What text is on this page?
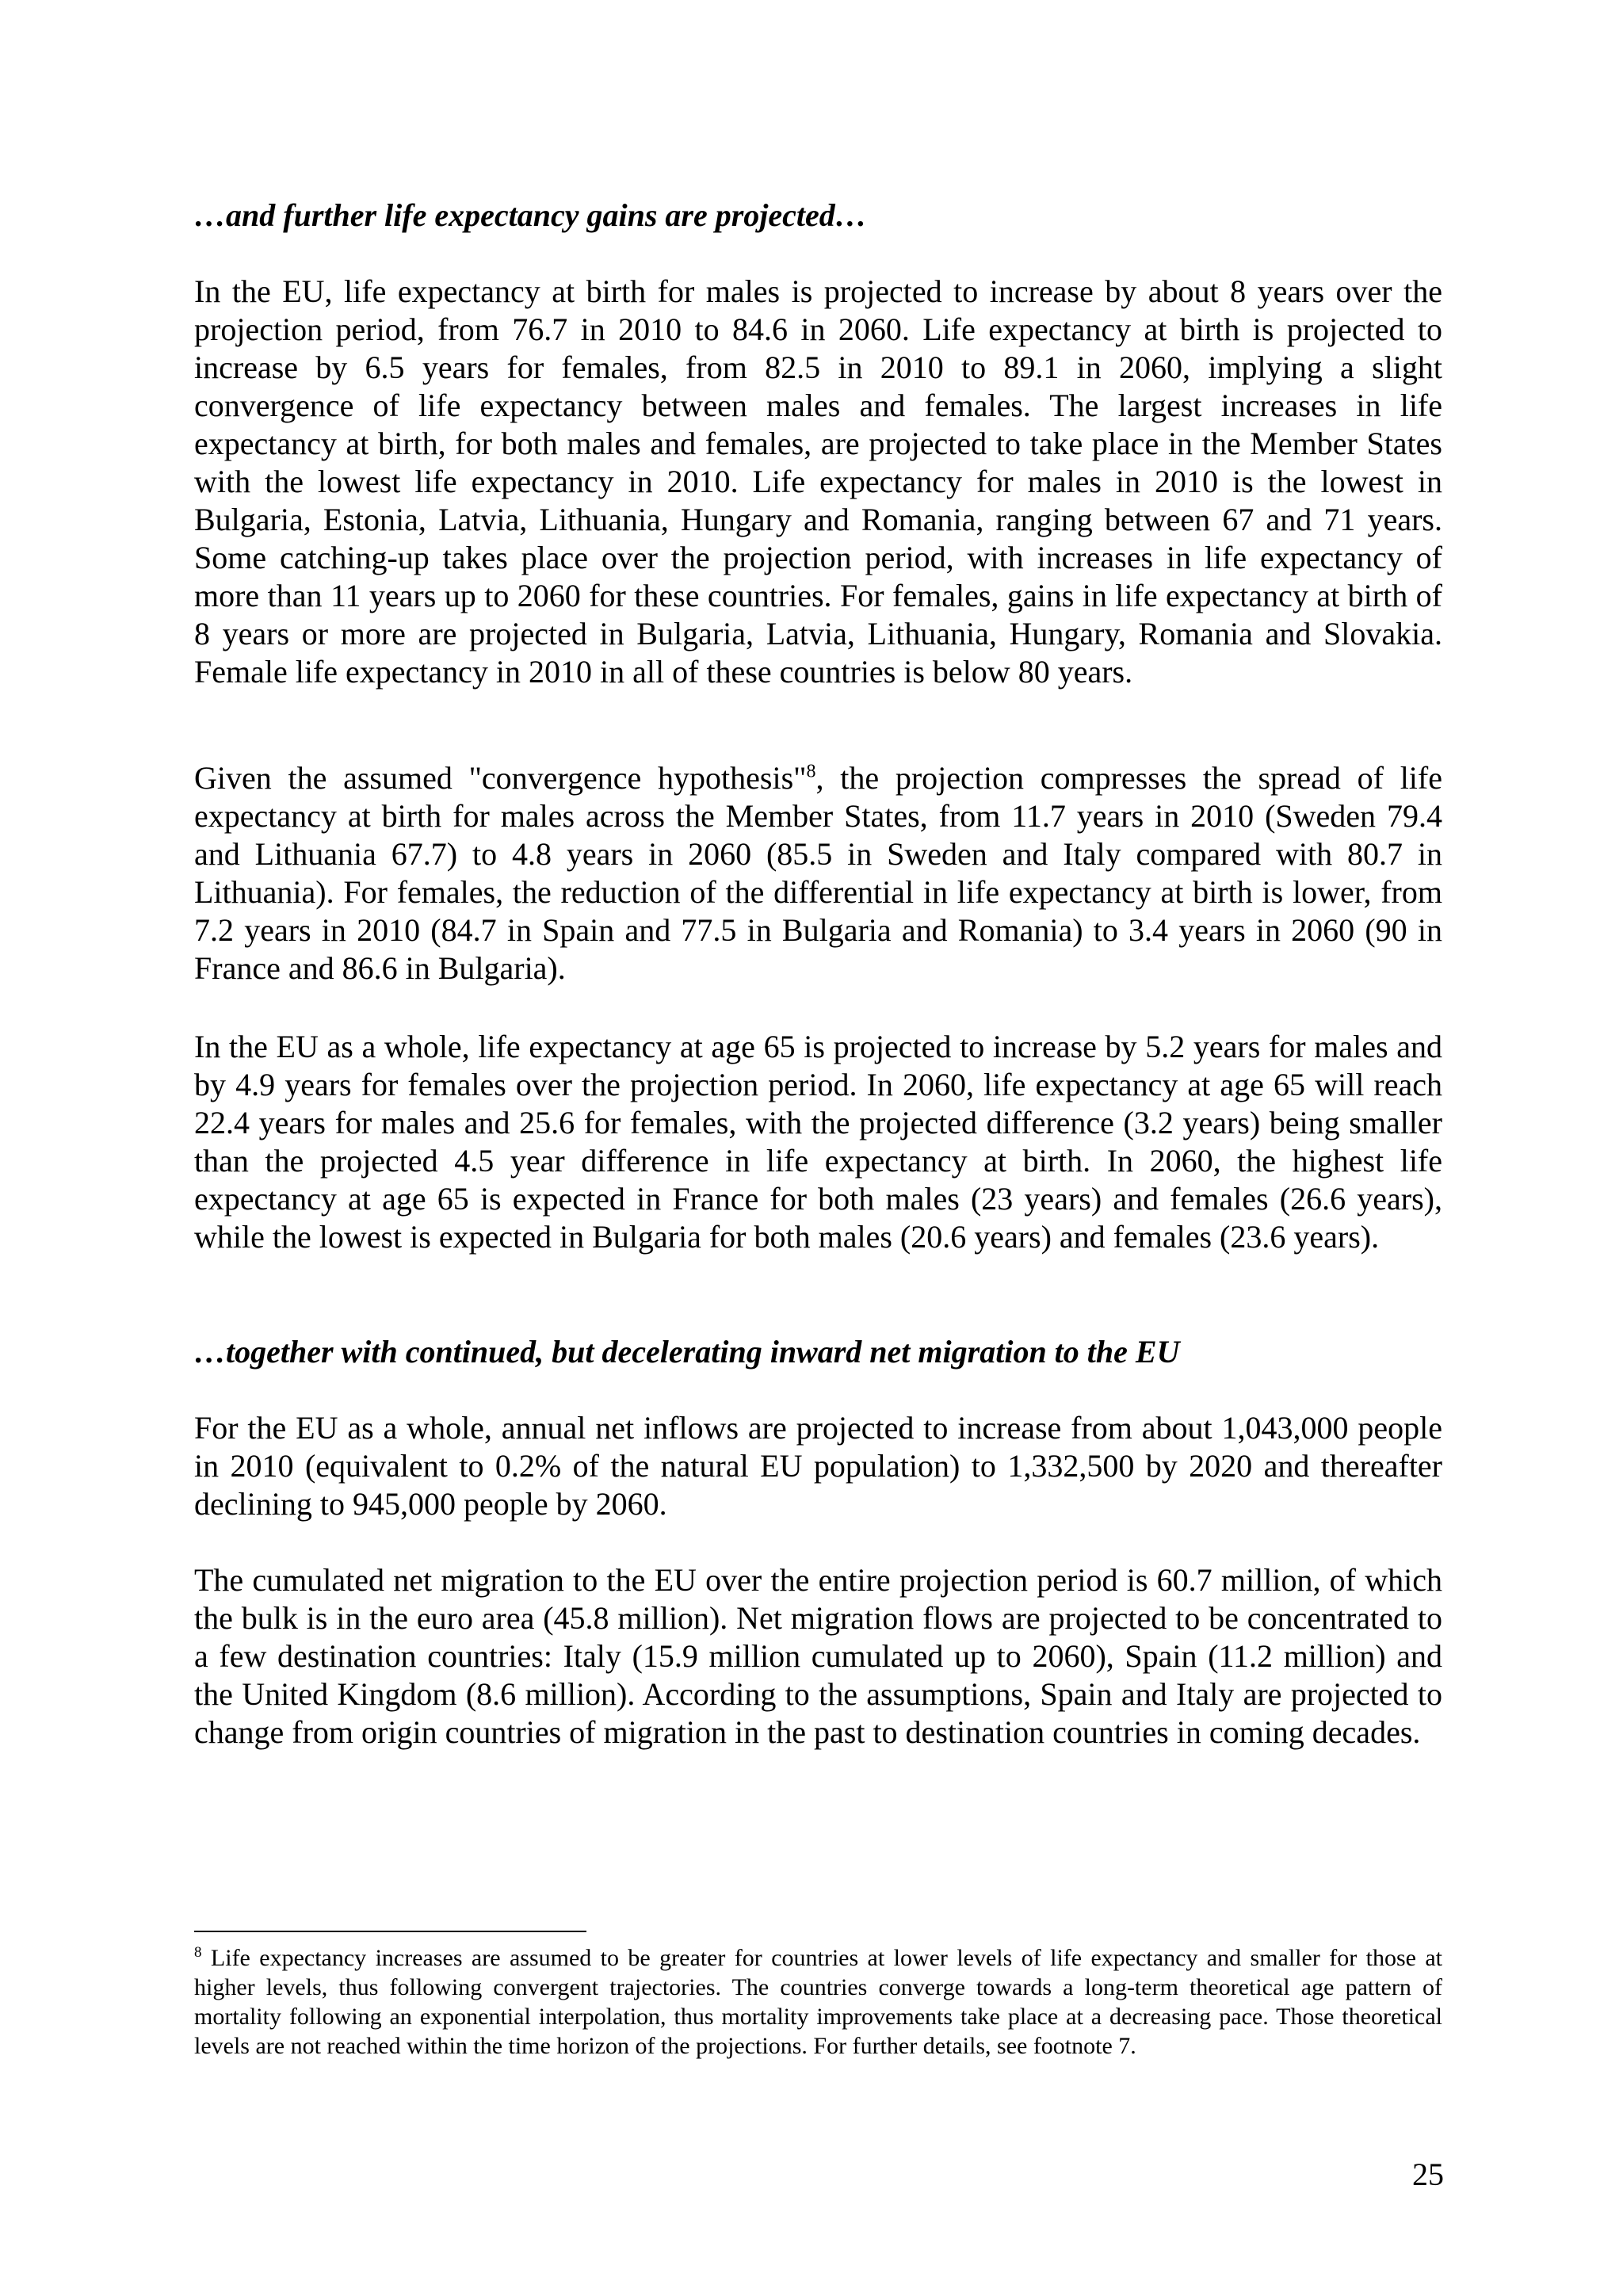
…and further life expectancy gains are projected…

In the EU, life expectancy at birth for males is projected to increase by about 8 years over the projection period, from 76.7 in 2010 to 84.6 in 2060. Life expectancy at birth is projected to increase by 6.5 years for females, from 82.5 in 2010 to 89.1 in 2060, implying a slight convergence of life expectancy between males and females. The largest increases in life expectancy at birth, for both males and females, are projected to take place in the Member States with the lowest life expectancy in 2010. Life expectancy for males in 2010 is the lowest in Bulgaria, Estonia, Latvia, Lithuania, Hungary and Romania, ranging between 67 and 71 years. Some catching-up takes place over the projection period, with increases in life expectancy of more than 11 years up to 2060 for these countries. For females, gains in life expectancy at birth of 8 years or more are projected in Bulgaria, Latvia, Lithuania, Hungary, Romania and Slovakia. Female life expectancy in 2010 in all of these countries is below 80 years.

Given the assumed "convergence hypothesis"$^8$, the projection compresses the spread of life expectancy at birth for males across the Member States, from 11.7 years in 2010 (Sweden 79.4 and Lithuania 67.7) to 4.8 years in 2060 (85.5 in Sweden and Italy compared with 80.7 in Lithuania). For females, the reduction of the differential in life expectancy at birth is lower, from 7.2 years in 2010 (84.7 in Spain and 77.5 in Bulgaria and Romania) to 3.4 years in 2060 (90 in France and 86.6 in Bulgaria).

In the EU as a whole, life expectancy at age 65 is projected to increase by 5.2 years for males and by 4.9 years for females over the projection period. In 2060, life expectancy at age 65 will reach 22.4 years for males and 25.6 for females, with the projected difference (3.2 years) being smaller than the projected 4.5 year difference in life expectancy at birth. In 2060, the highest life expectancy at age 65 is expected in France for both males (23 years) and females (26.6 years), while the lowest is expected in Bulgaria for both males (20.6 years) and females (23.6 years).

…together with continued, but decelerating inward net migration to the EU

For the EU as a whole, annual net inflows are projected to increase from about 1,043,000 people in 2010 (equivalent to 0.2% of the natural EU population) to 1,332,500 by 2020 and thereafter declining to 945,000 people by 2060.

The cumulated net migration to the EU over the entire projection period is 60.7 million, of which the bulk is in the euro area (45.8 million). Net migration flows are projected to be concentrated to a few destination countries: Italy (15.9 million cumulated up to 2060), Spain (11.2 million) and the United Kingdom (8.6 million). According to the assumptions, Spain and Italy are projected to change from origin countries of migration in the past to destination countries in coming decades.

$^8$ Life expectancy increases are assumed to be greater for countries at lower levels of life expectancy and smaller for those at higher levels, thus following convergent trajectories. The countries converge towards a long-term theoretical age pattern of mortality following an exponential interpolation, thus mortality improvements take place at a decreasing pace. Those theoretical levels are not reached within the time horizon of the projections. For further details, see footnote 7.

25
